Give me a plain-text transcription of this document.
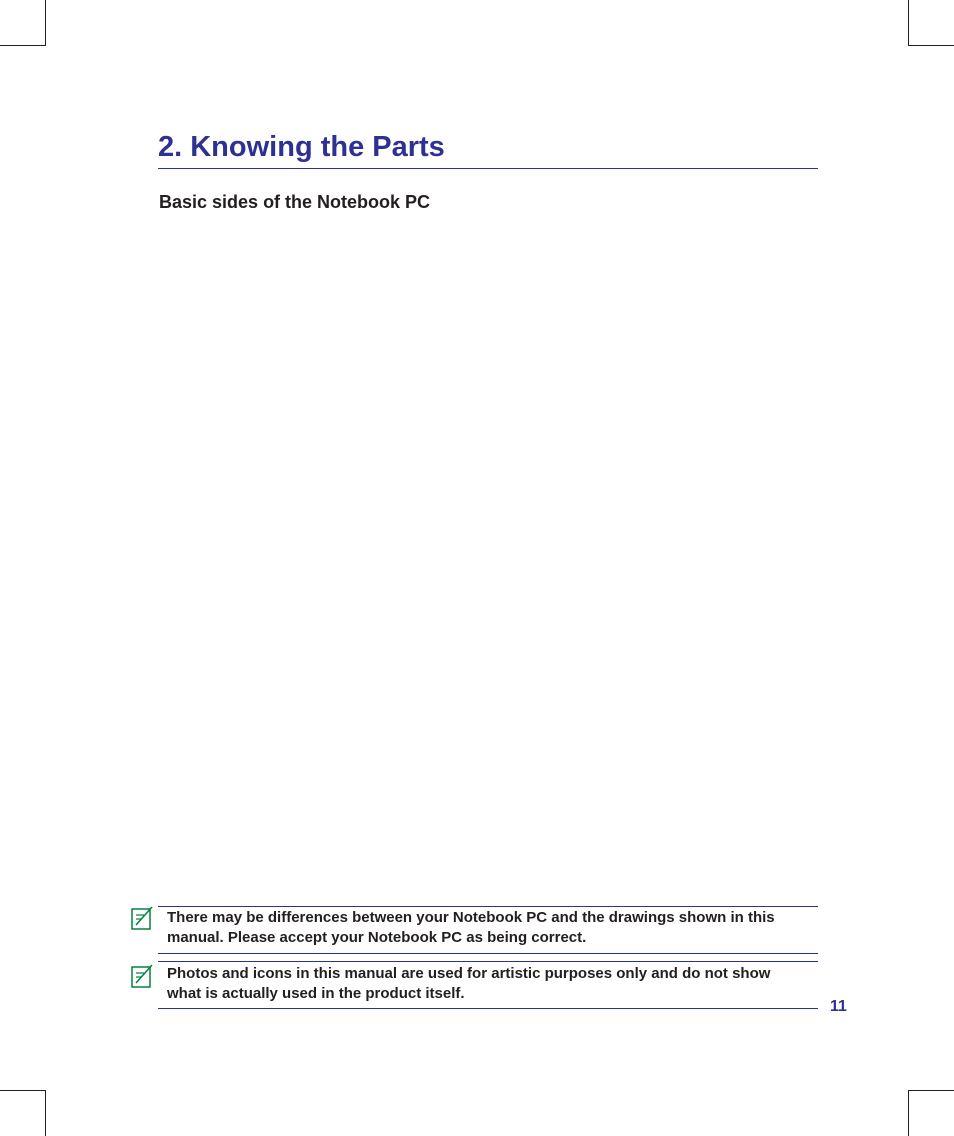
2. Knowing the Parts
Basic sides of the Notebook PC

There may be differences between your Notebook PC and the drawings shown in this manual. Please accept your Notebook PC as being correct.

Photos and icons in this manual are used for artistic purposes only and do not show what is actually used in the product itself.

11
